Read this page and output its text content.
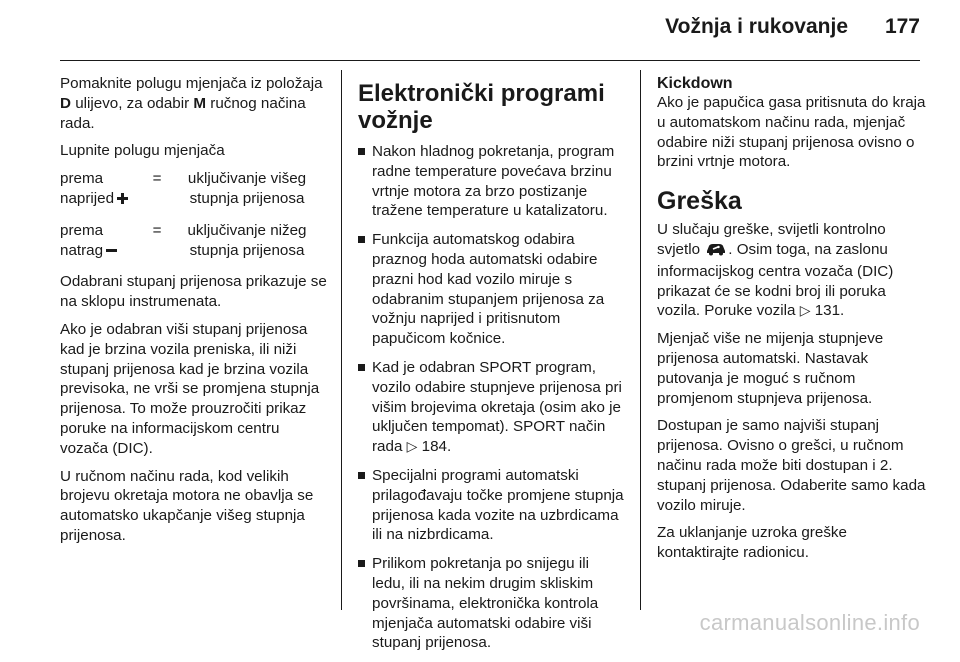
Vožnja i rukovanje 177

Pomaknite polugu mjenjača iz položaja D ulijevo, za odabir M ručnog načina rada.

Lupnite polugu mjenjača

prema naprijed
=	uključivanje višeg stupnja prijenosa
prema natrag
=	uključivanje nižeg stupnja prijenosa

Odabrani stupanj prijenosa prikazuje se na sklopu instrumenata.

Ako je odabran viši stupanj prijenosa kad je brzina vozila preniska, ili niži stupanj prijenosa kad je brzina vozila previsoka, ne vrši se promjena stupnja prijenosa. To može prouzročiti prikaz poruke na informacijskom centru vozača (DIC).

U ručnom načinu rada, kod velikih brojevu okretaja motora ne obavlja se automatsko ukapčanje višeg stupnja prijenosa.

Elektronički programi vožnje
Nakon hladnog pokretanja, program radne temperature povećava brzinu vrtnje motora za brzo postizanje tražene temperature u katalizatoru.
Funkcija automatskog odabira praznog hoda automatski odabire prazni hod kad vozilo miruje s odabranim stupanjem prijenosa za vožnju naprijed i pritisnutom papučicom kočnice.
Kad je odabran SPORT program, vozilo odabire stupnjeve prijenosa pri višim brojevima okretaja (osim ako je uključen tempomat). SPORT način rada ▷ 184.
Specijalni programi automatski prilagođavaju točke promjene stupnja prijenosa kada vozite na uzbrdicama ili na nizbrdicama.
Prilikom pokretanja po snijegu ili ledu, ili na nekim drugim skliskim površinama, elektronička kontrola mjenjača automatski odabire viši stupanj prijenosa.
Kickdown

Ako je papučica gasa pritisnuta do kraja u automatskom načinu rada, mjenjač odabire niži stupanj prijenosa ovisno o brzini vrtnje motora.

Greška

U slučaju greške, svijetli kontrolno svjetlo . Osim toga, na zaslonu informacijskog centra vozača (DIC) prikazat će se kodni broj ili poruka vozila. Poruke vozila ▷ 131.

Mjenjač više ne mijenja stupnjeve prijenosa automatski. Nastavak putovanja je moguć s ručnom promjenom stupnjeva prijenosa.

Dostupan je samo najviši stupanj prijenosa. Ovisno o grešci, u ručnom načinu rada može biti dostupan i 2. stupanj prijenosa. Odaberite samo kada vozilo miruje.

Za uklanjanje uzroka greške kontaktirajte radionicu.

carmanualsonline.info
